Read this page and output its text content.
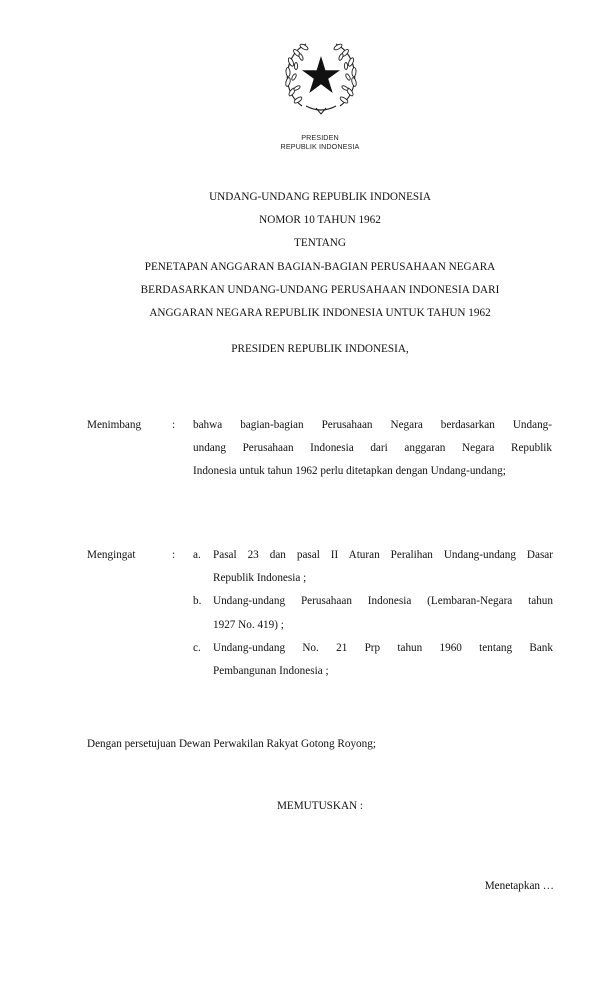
PRESIDEN
REPUBLIK INDONESIA
UNDANG-UNDANG REPUBLIK INDONESIA
NOMOR 10 TAHUN 1962
TENTANG
PENETAPAN ANGGARAN BAGIAN-BAGIAN PERUSAHAAN NEGARA
BERDASARKAN UNDANG-UNDANG PERUSAHAAN INDONESIA DARI
ANGGARAN NEGARA REPUBLIK INDONESIA UNTUK TAHUN 1962
PRESIDEN REPUBLIK INDONESIA,
Menimbang	: bahwa bagian-bagian Perusahaan Negara berdasarkan Undang-
undang Perusahaan Indonesia dari anggaran Negara Republik
Indonesia untuk tahun 1962 perlu ditetapkan dengan Undang-undang;
Mengingat	: a. Pasal 23 dan pasal II Aturan Peralihan Undang-undang Dasar
Republik Indonesia ;
b. Undang-undang Perusahaan Indonesia (Lembaran-Negara tahun
1927 No. 419) ;
c. Undang-undang No. 21 Prp tahun 1960 tentang Bank
Pembangunan Indonesia ;
Dengan persetujuan Dewan Perwakilan Rakyat Gotong Royong;
MEMUTUSKAN :
Menetapkan …
